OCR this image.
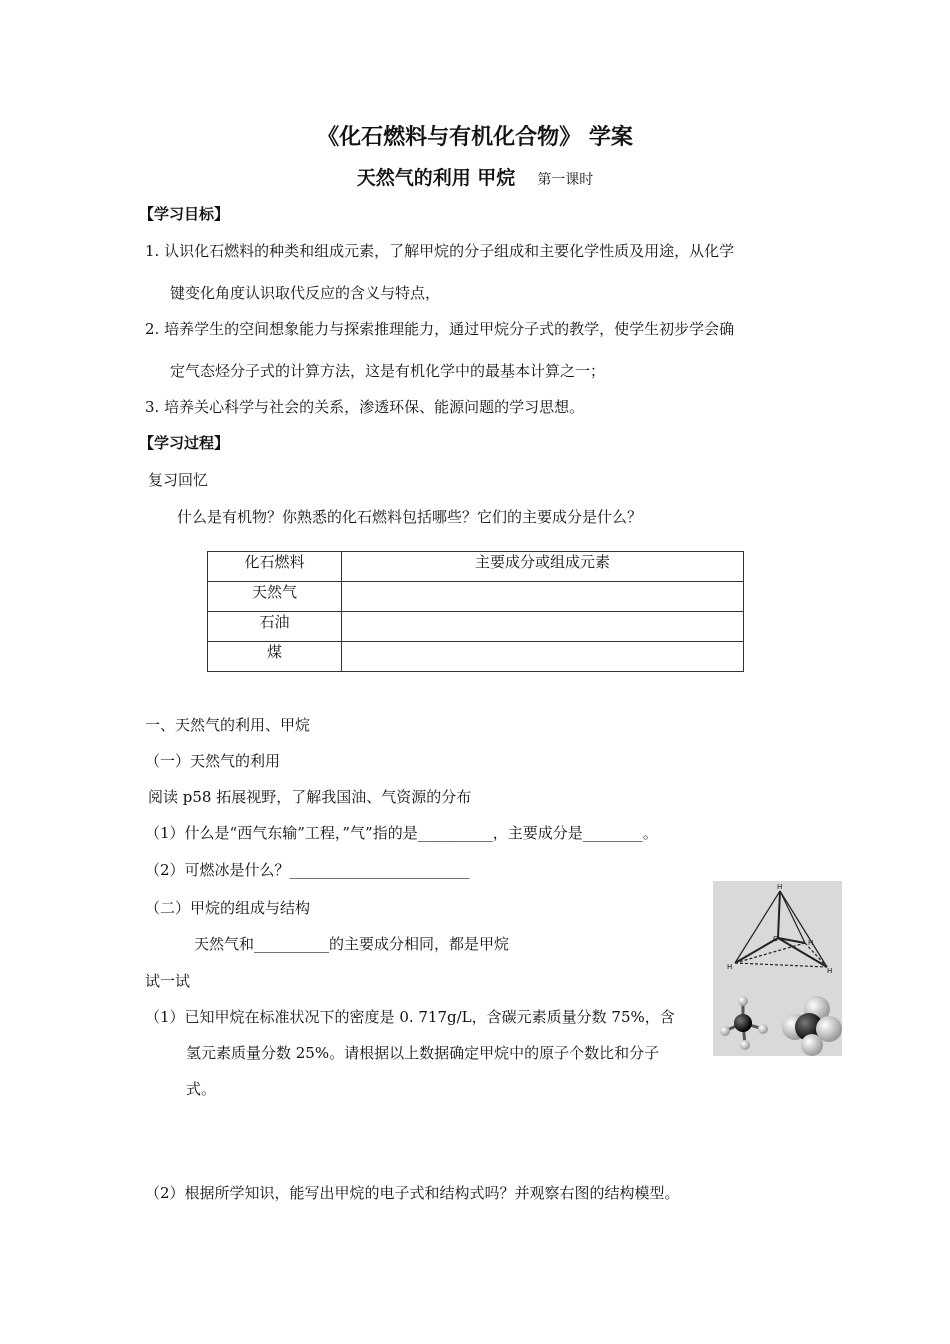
《化石燃料与有机化合物》 学案
天然气的利用 甲烷 第一课时
【学习目标】
1. 认识化石燃料的种类和组成元素，了解甲烷的分子组成和主要化学性质及用途，从化学
键变化角度认识取代反应的含义与特点，
2. 培养学生的空间想象能力与探索推理能力，通过甲烷分子式的教学，使学生初步学会确
定气态烃分子式的计算方法，这是有机化学中的最基本计算之一；
3. 培养关心科学与社会的关系，渗透环保、能源问题的学习思想。
【学习过程】
复习回忆
什么是有机物？你熟悉的化石燃料包括哪些？它们的主要成分是什么？
化石燃料	主要成分或组成元素
天然气	
石油	
煤	
一、天然气的利用、甲烷
（一）天然气的利用
阅读 p58 拓展视野，了解我国油、气资源的分布
（1）什么是“西气东输”工程，”气”指的是__________，主要成分是________。
（2）可燃冰是什么？________________________
（二）甲烷的组成与结构
天然气和__________的主要成分相同，都是甲烷
试一试
（1）已知甲烷在标准状况下的密度是 0. 717g/L，含碳元素质量分数 75%，含
氢元素质量分数 25%。请根据以上数据确定甲烷中的原子个数比和分子
式。
（2）根据所学知识，能写出甲烷的电子式和结构式吗？并观察右图的结构模型。
H
C	H
H	H
